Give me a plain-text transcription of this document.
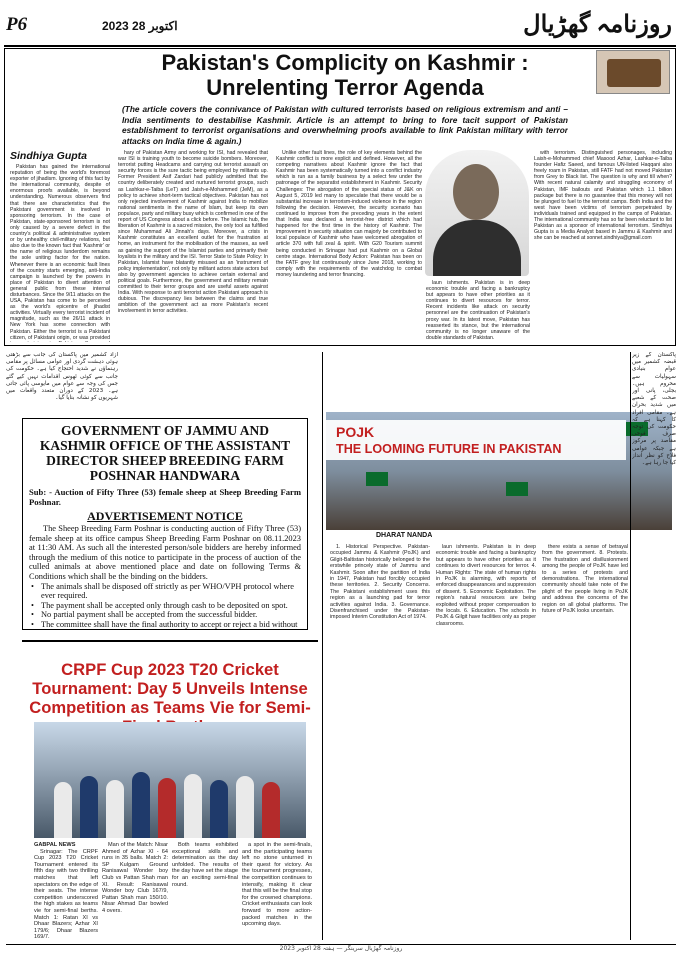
P6	2023 28 اکتوبر	روزنامہ گھڑیال
Pakistan's Complicity on Kashmir :
Unrelenting Terror Agenda
(The article covers the connivance of Pakistan with cultured terrorists based on religious extremism and anti – India sentiments to destabilise Kashmir. Article is an attempt to bring to fore tacit support of Pakistan establishment to terrorist organisations and overwhelming proofs available to link Pakistan military with terror attacks on India time & again.)
Sindhiya Gupta

Pakistan has gained the international reputation of being the world's foremost exporter of jihadism. Ignoring of this fact by the international community, despite of enormous proofs available, is beyond understanding. Numerous observers find that there are characteristics that the Pakistani government is involved in sponsoring terrorism. In the case of Pakistan, state-sponsored terrorism is not only caused by a severe defect in the country's political & administrative system or by unhealthy civil-military relations, but also due to the known fact that 'Kashmir' or the name of religious lunderdom remains the sole uniting factor for the nation. Whenever there is an economic fault lines of the country starts emerging, anti-India campaign is launched by the powers in place of Pakistan to divert attention of general public from these internal disturbances. Since the 9/11 attacks on the USA, Pakistan has come to be perceived as the world's epicentre of jihadist activities. Virtually every terrorist incident of magnitude, such as the 26/11 attack in New York has some connection with Pakistan. Either the terrorist is a Pakistani citizen, of Pakistani origin, or was provided

hary of Pakistan Army and working for ISI, had revealed that war ISI is training youth to become suicide bombers. Moreover, terrorist putting Headcams and carrying out terrorist assault on security forces is the sure tactic being employed by militants up. Former President Asif Zardari had publicly admitted that the country deliberately created and nurtured terrorist groups, such as Lashkar-e-Taiba (LeT) and Jaish-e-Mohammed (JeM), as a policy to achieve short-term tactical objectives. Pakistan has not only rejected involvement of Kashmir against India to mobilize national sentiments in the name of Islam, but keep its own populace, party and military busy which is confirmed in one of the report of US Congress about a click before. The Islamic hub, the liberation of Kashmir is a sacred mission, the only tool as fulfilled since Muhammad Ali Jinnah's days. Moreover, a crisis in Kashmir constitutes an excellent outlet for the frustration at home, an instrument for the mobilisation of the masses, as well as gaining the support of the Islamist parties and primarily their loyalists in the military and the ISI. Terror State to State Policy: In Pakistan, Islamist have blatantly misused as an 'instrument of policy implementation', not only by militant actors state actors but also by government agencies to achieve certain external and political goals. Furthermore, the government and military remain committed to their terror groups and are useful assets against India. With response to anti terrorist action Pakistani approach is dubious. The discrepancy lies between the claims and true ambition of the government act as more Pakistan's recent involvement in terror activities.

Unlike other fault lines, the role of key elements behind the Kashmir conflict is more explicit and defined. However, all the competing narratives about Kashmir ignore the fact that Kashmir has been systematically turned into a conflict industry which is run as a family business by a select few under the patronage of the separatist establishment in Kashmir. Security Challenges: The abrogation of the special status of J&K on August 5, 2019 led many to speculate that there would be a substantial increase in terrorism-induced violence in the region following the decision. However, the security scenario has continued to improve from the preceding years in the extent that India was declared a terrorist-free district which had happened for the first time in the history of Kashmir. The improvement in security situation can majorly be contributed to local populace of Kashmir who have welcomed abrogation of article 370 with full zeal & spirit. With G20 Tourism summit being conducted in Srinagar had put Kashmir on a Global centre stage. International Body Action: Pakistan has been on the FATF grey list continuously since June 2018, working to comply with the requirements of the watchdog to combat money laundering and terror financing.

laun ishments. Pakistan is in deep economic trouble and facing a bankruptcy but appears to have other priorities as it continues to divert resources for terror. Recent incidents like attack on security personnel are the continuation of Pakistan's proxy war. In its latest move, Pakistan has reasserted its stance, but the international community is no longer unaware of the double standards of Pakistan.

with terrorism. Distinguished personages, including Laish-e-Mohammed chief Masood Azhar, Lashkar-e-Taiba founder Hafiz Saeed, and famous UN-listed Haqqani also freely roam in Pakistan, still FATF had not moved Pakistan from Grey to Black list. The question is why and till when? With recent natural calamity and struggling economy of Pakistan, IMF bailouts and Pakistan which 1.1 billion package but there is no guarantee that this money will not be plunged to fuel to the terrorist camps. Both India and the west have been victims of terrorism perpetrated by individuals trained and equipped in the camps of Pakistan. The international community has so far been reluctant to list Pakistan as a sponsor of international terrorism. Sindhiya Gupta is a Media Analyst based in Jammu & Kashmir and she can be reached at sonnet.sindhiya@gmail.com

آزاد کشمیر میں پاکستان کی جانب سے بڑھتی ہوئی دہشت گردی اور عوامی مسائل پر مقامی رہنماؤں نے شدید احتجاج کیا ہے۔ حکومت کی جانب سے کوئی ٹھوس اقدامات نہیں کیے گئے جس کی وجہ سے عوام میں مایوسی پائی جاتی ہے۔ 2023 کے دوران متعدد واقعات میں شہریوں کو نشانہ بنایا گیا۔
GOVERNMENT OF JAMMU AND KASHMIR OFFICE OF THE ASSISTANT DIRECTOR SHEEP BREEDING FARM POSHNAR HANDWARA
Sub: - Auction of Fifty Three (53) female sheep at Sheep Breeding Farm Poshnar.
ADVERTISEMENT NOTICE

The Sheep Breeding Farm Poshnar is conducting auction of Fifty Three (53) female sheep at its office campus Sheep Breeding Farm Poshnar on 08.11.2023 at 11:30 AM. As such all the interested person/sole bidders are hereby informed through the medium of this notice to participate in the process of auction of the culled animals at above mentioned place and date on following Terms & Conditions which shall be the binding on the bidders.

• The animals shall be disposed off strictly as per WHO/VPH protocol where ever required.
• The payment shall be accepted only through cash to be deposited on spot.
• No partial payment shall be accepted from the successful bidder.
• The committee shall have the final authority to accept or reject a bid without
CRPF Cup 2023 T20 Cricket Tournament: Day 5 Unveils Intense Competition as Teams Vie for Semi-
GABPAL NEWS

Srinagar: The CRPF Cup 2023 T20 Cricket Tournament entered its fifth day with two thrilling matches that left spectators on the edge of their seats. The intense competition underscored the high stakes as teams vie for semi-final berths. Match 1: Ratan XI vs Dhaar Blazers; Azhar XI 179/6; Dhaar Blazers 169/7.

Man of the Match: Nisar Ahmed of Azhar XI - 64 runs in 35 balls. Match 2: SP Kulgam Ground Ranisawal Wonder boy Club vs Pattan Shah man XI. Result: Ranisawal Wonder boy Club 167/9, Pattan Shah man 150/10. Nisar Ahmad Dar bowled 4 overs.

Both teams exhibited exceptional skills and determination as the day unfolded. The results of the day have set the stage for an exciting semi-final round.

a spot in the semi-finals, and the participating teams left no stone unturned in their quest for victory. As the tournament progresses, the competition continues to intensify, making it clear that this will be the final stop for the crowned champions. Cricket enthusiasts can look forward to more action-packed matches in the upcoming days.

POJK
THE LOOMING FUTURE IN PAKISTAN
DHARAT NANDA

1. Historical Perspective. Pakistan-occupied Jammu & Kashmir (PoJK) and Gilgit-Baltistan historically belonged to the erstwhile princely state of Jammu and Kashmir. Soon after the partition of India in 1947, Pakistan had forcibly occupied these territories. 2. Security Concerns. The Pakistani establishment uses this region as a launching pad for terror activities against India. 3. Governance. Disenfranchised under the Pakistan-imposed Interim Constitution Act of 1974.

laun ishments. Pakistan is in deep economic trouble and facing a bankruptcy but appears to have other priorities as it continues to divert resources for terror. 4. Human Rights: The state of human rights in PoJK is alarming, with reports of enforced disappearances and suppression of dissent. 5. Economic Exploitation. The region's natural resources are being exploited without proper compensation to the locals. 6. Education. The schools in PoJK & Gilgit have facilities only as proper classrooms.

there exists a sense of betrayal from the government. 8. Protests. The frustration and disillusionment among the people of PoJK have led to a series of protests and demonstrations. The international community should take note of the plight of the people living in PoJK and address the concerns of the region on all global platforms. The future of PoJK looks uncertain.

پاکستان کے زیر قبضہ کشمیر میں عوام بنیادی سہولیات سے محروم ہیں۔ بجلی، پانی اور صحت کے شعبے میں شدید بحران ہے۔ مقامی افراد کا کہنا ہے کہ حکومت کی توجہ صرف فوجی مقاصد پر مرکوز ہے جبکہ عوامی فلاح کو نظر انداز کیا جا رہا ہے۔
روزنامہ گھڑیال سرینگر — ہفتہ 28 اکتوبر 2023
